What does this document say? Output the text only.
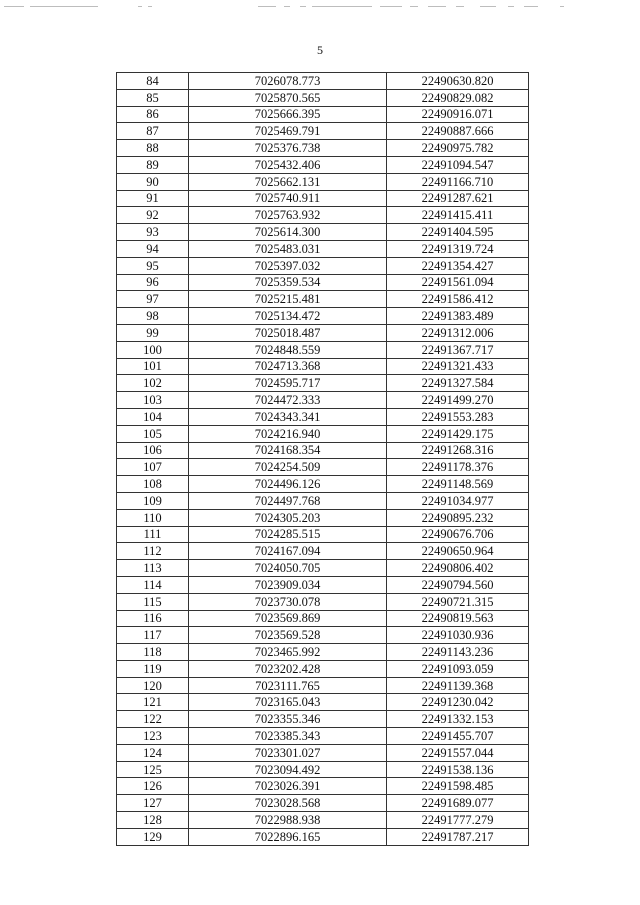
5
84	7026078.773	22490630.820
85	7025870.565	22490829.082
86	7025666.395	22490916.071
87	7025469.791	22490887.666
88	7025376.738	22490975.782
89	7025432.406	22491094.547
90	7025662.131	22491166.710
91	7025740.911	22491287.621
92	7025763.932	22491415.411
93	7025614.300	22491404.595
94	7025483.031	22491319.724
95	7025397.032	22491354.427
96	7025359.534	22491561.094
97	7025215.481	22491586.412
98	7025134.472	22491383.489
99	7025018.487	22491312.006
100	7024848.559	22491367.717
101	7024713.368	22491321.433
102	7024595.717	22491327.584
103	7024472.333	22491499.270
104	7024343.341	22491553.283
105	7024216.940	22491429.175
106	7024168.354	22491268.316
107	7024254.509	22491178.376
108	7024496.126	22491148.569
109	7024497.768	22491034.977
110	7024305.203	22490895.232
111	7024285.515	22490676.706
112	7024167.094	22490650.964
113	7024050.705	22490806.402
114	7023909.034	22490794.560
115	7023730.078	22490721.315
116	7023569.869	22490819.563
117	7023569.528	22491030.936
118	7023465.992	22491143.236
119	7023202.428	22491093.059
120	7023111.765	22491139.368
121	7023165.043	22491230.042
122	7023355.346	22491332.153
123	7023385.343	22491455.707
124	7023301.027	22491557.044
125	7023094.492	22491538.136
126	7023026.391	22491598.485
127	7023028.568	22491689.077
128	7022988.938	22491777.279
129	7022896.165	22491787.217
